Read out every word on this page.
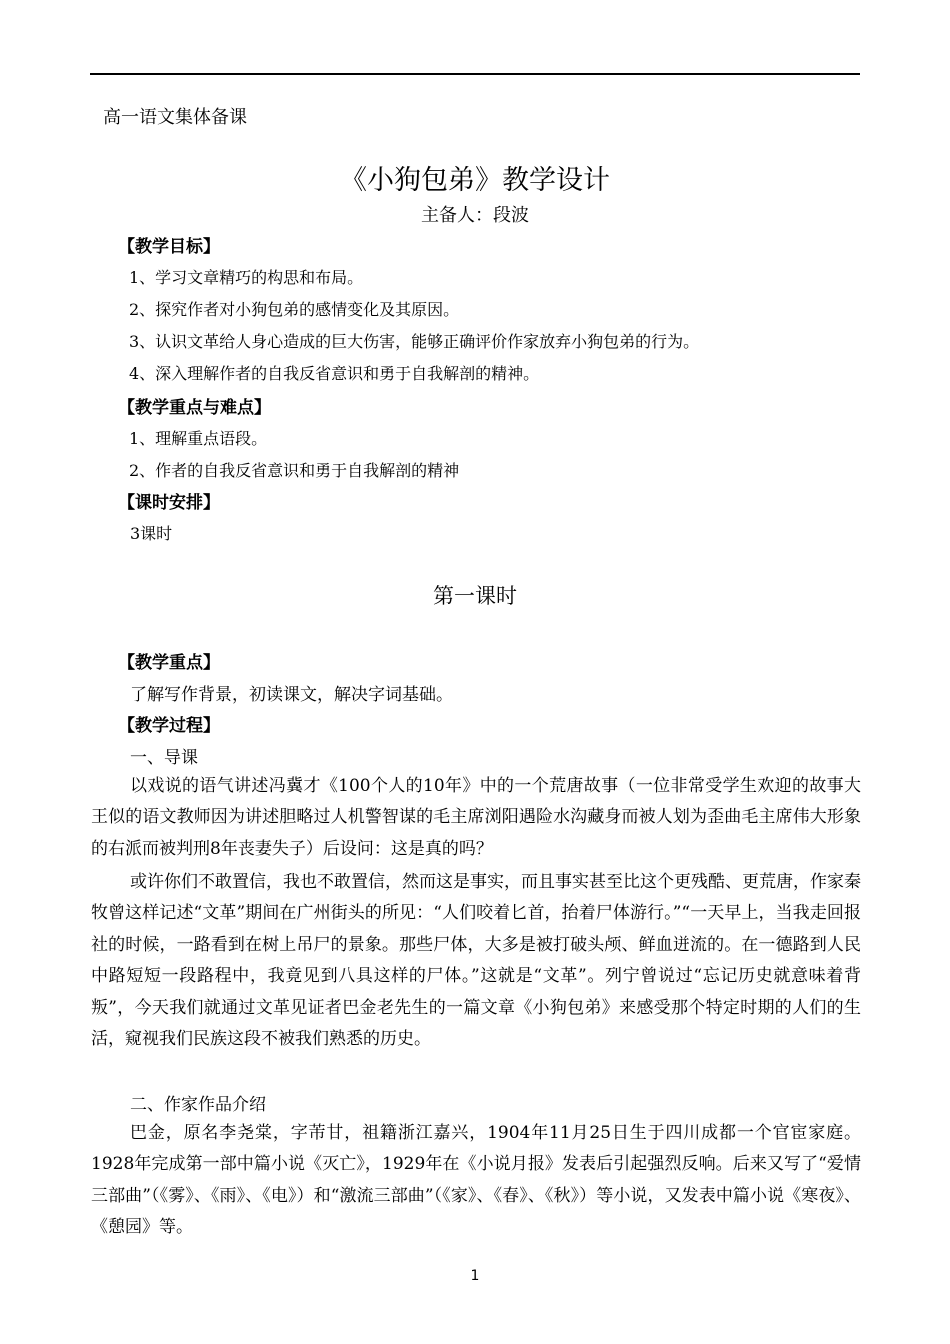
高一语文集体备课
《小狗包弟》教学设计
主备人：段波
【教学目标】
1、学习文章精巧的构思和布局。
2、探究作者对小狗包弟的感情变化及其原因。
3、认识文革给人身心造成的巨大伤害，能够正确评价作家放弃小狗包弟的行为。
4、深入理解作者的自我反省意识和勇于自我解剖的精神。
【教学重点与难点】
1、理解重点语段。
2、作者的自我反省意识和勇于自我解剖的精神
【课时安排】
3课时
第一课时
【教学重点】
了解写作背景，初读课文，解决字词基础。
【教学过程】
一、导课
以戏说的语气讲述冯冀才《100个人的10年》中的一个荒唐故事（一位非常受学生欢迎的故事大王似的语文教师因为讲述胆略过人机警智谋的毛主席浏阳遇险水沟藏身而被人划为歪曲毛主席伟大形象的右派而被判刑8年丧妻失子）后设问：这是真的吗？
或许你们不敢置信，我也不敢置信，然而这是事实，而且事实甚至比这个更残酷、更荒唐，作家秦牧曾这样记述“文革”期间在广州街头的所见：“人们咬着匕首，抬着尸体游行。”“一天早上，当我走回报社的时候，一路看到在树上吊尸的景象。那些尸体，大多是被打破头颅、鲜血迸流的。在一德路到人民中路短短一段路程中，我竟见到八具这样的尸体。”这就是“文革”。列宁曾说过“忘记历史就意味着背叛”，今天我们就通过文革见证者巴金老先生的一篇文章《小狗包弟》来感受那个特定时期的人们的生活，窥视我们民族这段不被我们熟悉的历史。
二、作家作品介绍
巴金，原名李尧棠，字芾甘，祖籍浙江嘉兴，1904年11月25日生于四川成都一个官宦家庭。1928年完成第一部中篇小说《灭亡》，1929年在《小说月报》发表后引起强烈反响。后来又写了“爱情三部曲”（《雾》、《雨》、《电》）和“激流三部曲”（《家》、《春》、《秋》）等小说，又发表中篇小说《寒夜》、《憩园》等。
1
